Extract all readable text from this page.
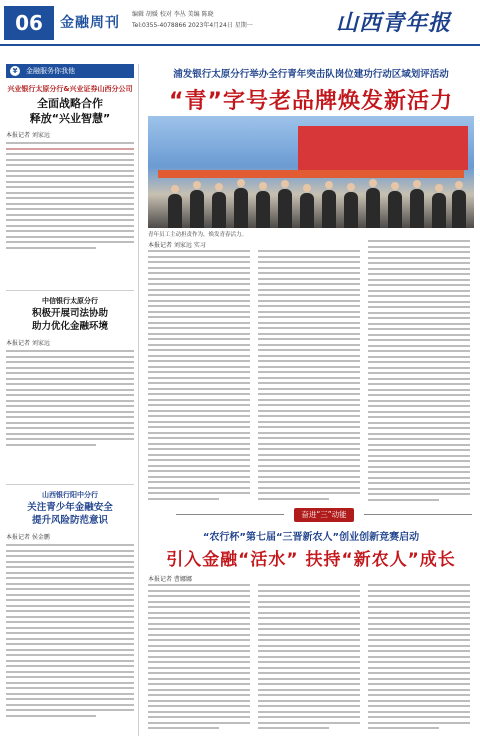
06	金融周刊
编辑 胡媛 校对 李丛 美编 陈晓
Tel:0355-4078866 2023年4月24日 星期一	山西青年报
¥	金融服务你我他
兴业银行太原分行&兴业证券山西分公司
全面战略合作
释放“兴业智慧”
本报记者 刘家远
中信银行太原分行
积极开展司法协助
助力优化金融环境
本报记者 刘家远
山西银行阳中分行
关注青少年金融安全
提升风险防范意识
本报记者 侯金鹏
浦发银行太原分行举办全行青年突击队岗位建功行动区域划评活动
“青”字号老品牌焕发新活力
青年员工主动担责作为，焕发青春活力。
本报记者 刘家远 实习
奋进“三”动能
“农行杯”第七届“三晋新农人”创业创新竞赛启动
引入金融“活水” 扶持“新农人”成长
本报记者 曹娜娜
